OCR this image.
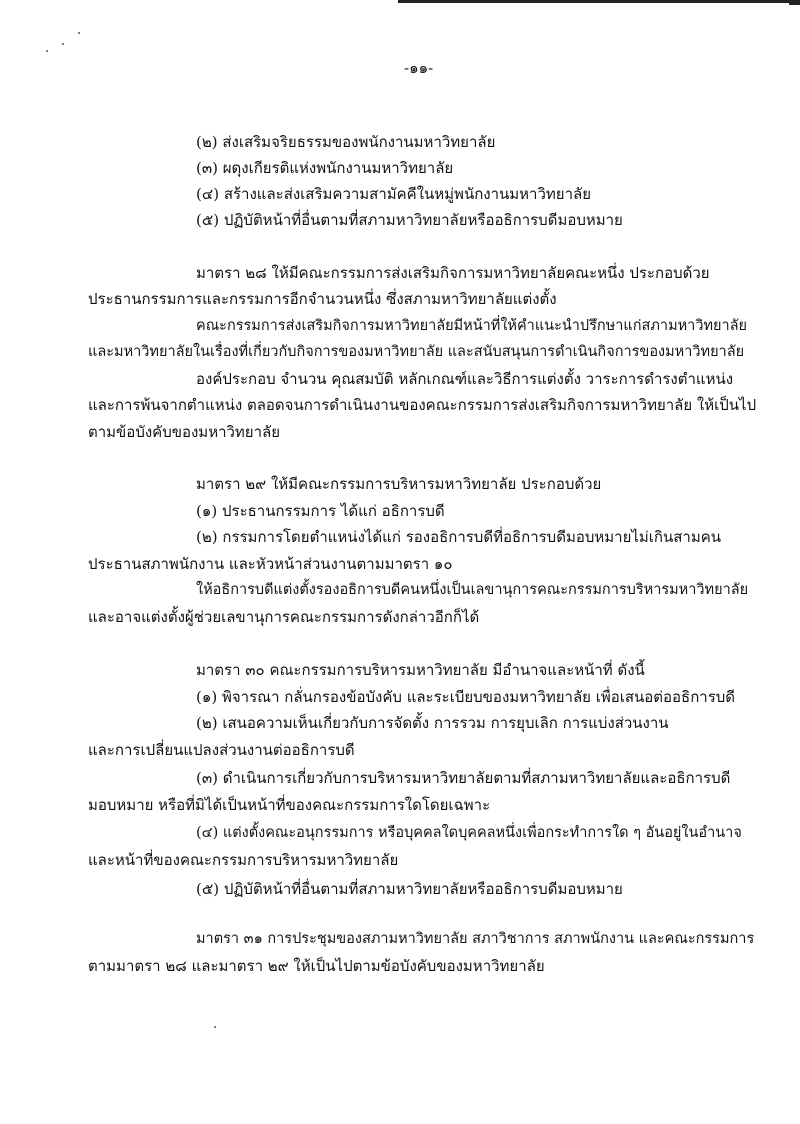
-๑๑-
(๒) ส่งเสริมจริยธรรมของพนักงานมหาวิทยาลัย
(๓) ผดุงเกียรติแห่งพนักงานมหาวิทยาลัย
(๔) สร้างและส่งเสริมความสามัคคีในหมู่พนักงานมหาวิทยาลัย
(๕) ปฏิบัติหน้าที่อื่นตามที่สภามหาวิทยาลัยหรืออธิการบดีมอบหมาย
มาตรา ๒๘ ให้มีคณะกรรมการส่งเสริมกิจการมหาวิทยาลัยคณะหนึ่ง ประกอบด้วย
ประธานกรรมการและกรรมการอีกจำนวนหนึ่ง ซึ่งสภามหาวิทยาลัยแต่งตั้ง
คณะกรรมการส่งเสริมกิจการมหาวิทยาลัยมีหน้าที่ให้คำแนะนำปรึกษาแก่สภามหาวิทยาลัย
และมหาวิทยาลัยในเรื่องที่เกี่ยวกับกิจการของมหาวิทยาลัย และสนับสนุนการดำเนินกิจการของมหาวิทยาลัย
องค์ประกอบ จำนวน คุณสมบัติ หลักเกณฑ์และวิธีการแต่งตั้ง วาระการดำรงตำแหน่ง
และการพ้นจากตำแหน่ง ตลอดจนการดำเนินงานของคณะกรรมการส่งเสริมกิจการมหาวิทยาลัย ให้เป็นไป
ตามข้อบังคับของมหาวิทยาลัย
มาตรา ๒๙ ให้มีคณะกรรมการบริหารมหาวิทยาลัย ประกอบด้วย
(๑) ประธานกรรมการ ได้แก่ อธิการบดี
(๒) กรรมการโดยตำแหน่งได้แก่ รองอธิการบดีที่อธิการบดีมอบหมายไม่เกินสามคน
ประธานสภาพนักงาน และหัวหน้าส่วนงานตามมาตรา ๑๐
ให้อธิการบดีแต่งตั้งรองอธิการบดีคนหนึ่งเป็นเลขานุการคณะกรรมการบริหารมหาวิทยาลัย
และอาจแต่งตั้งผู้ช่วยเลขานุการคณะกรรมการดังกล่าวอีกก็ได้
มาตรา ๓๐ คณะกรรมการบริหารมหาวิทยาลัย มีอำนาจและหน้าที่ ดังนี้
(๑) พิจารณา กลั่นกรองข้อบังคับ และระเบียบของมหาวิทยาลัย เพื่อเสนอต่ออธิการบดี
(๒) เสนอความเห็นเกี่ยวกับการจัดตั้ง การรวม การยุบเลิก การแบ่งส่วนงาน
และการเปลี่ยนแปลงส่วนงานต่ออธิการบดี
(๓) ดำเนินการเกี่ยวกับการบริหารมหาวิทยาลัยตามที่สภามหาวิทยาลัยและอธิการบดี
มอบหมาย หรือที่มิได้เป็นหน้าที่ของคณะกรรมการใดโดยเฉพาะ
(๔) แต่งตั้งคณะอนุกรรมการ หรือบุคคลใดบุคคลหนึ่งเพื่อกระทำการใด ๆ อันอยู่ในอำนาจ
และหน้าที่ของคณะกรรมการบริหารมหาวิทยาลัย
(๕) ปฏิบัติหน้าที่อื่นตามที่สภามหาวิทยาลัยหรืออธิการบดีมอบหมาย
มาตรา ๓๑ การประชุมของสภามหาวิทยาลัย สภาวิชาการ สภาพนักงาน และคณะกรรมการ
ตามมาตรา ๒๘ และมาตรา ๒๙ ให้เป็นไปตามข้อบังคับของมหาวิทยาลัย
